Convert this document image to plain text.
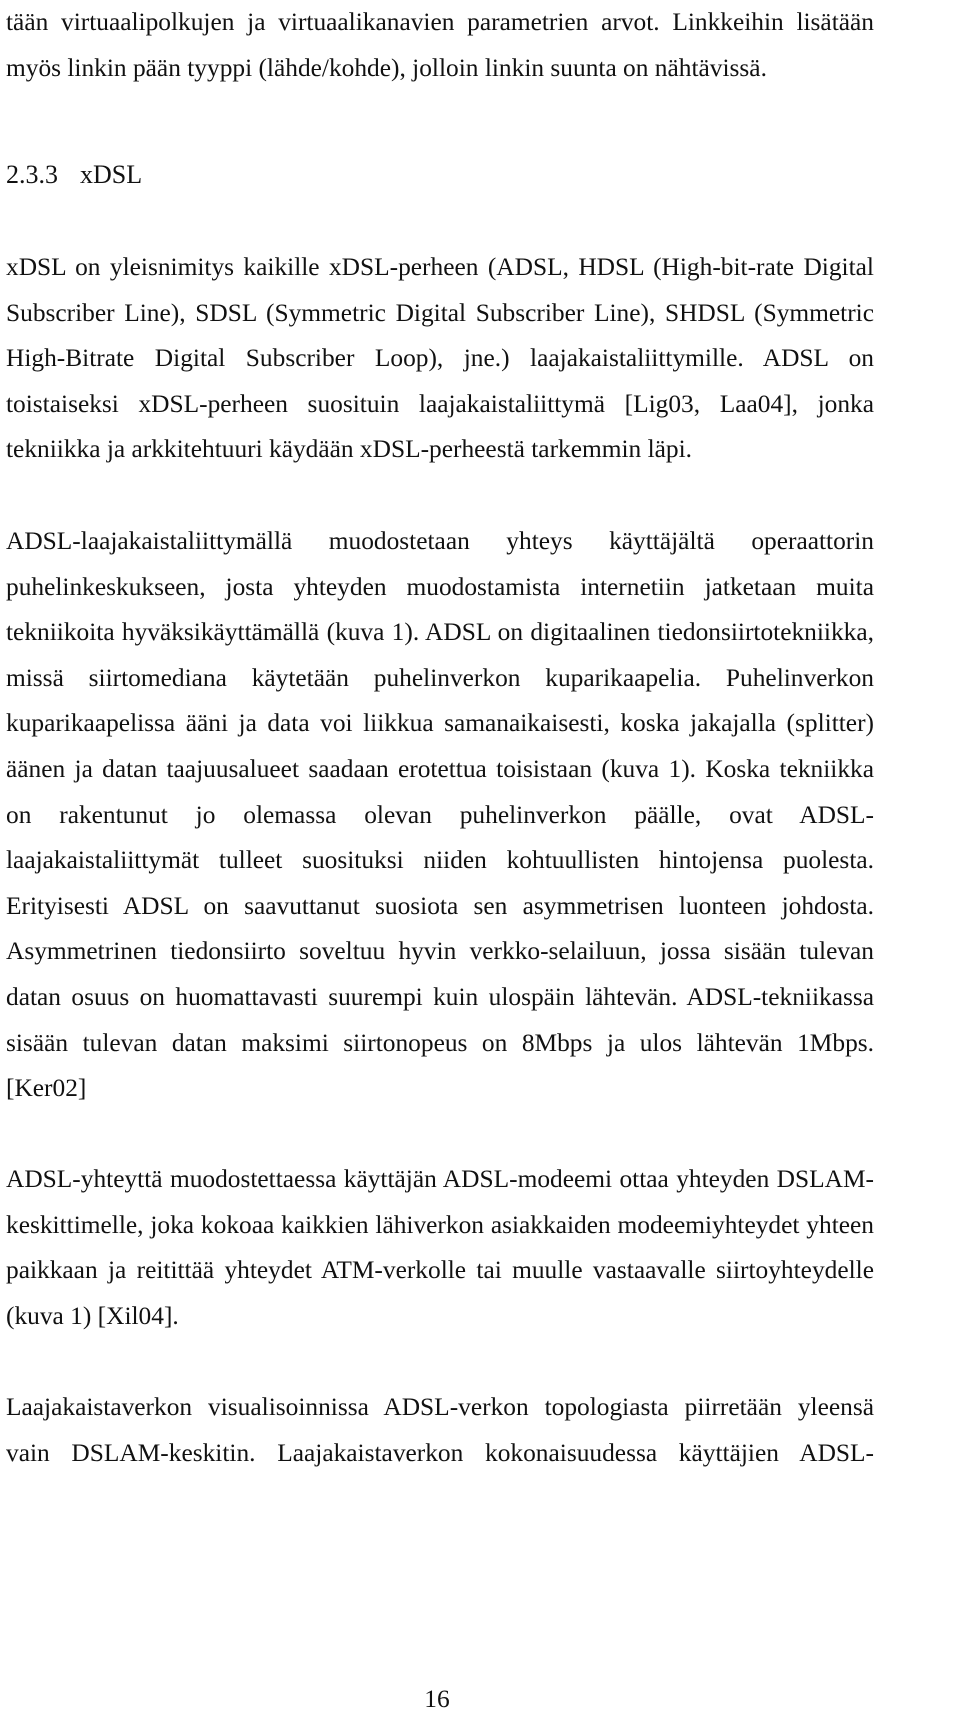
tään virtuaalipolkujen ja virtuaalikanavien parametrien arvot. Linkkeihin lisätään myös linkin pään tyyppi (lähde/kohde), jolloin linkin suunta on nähtävissä.

2.3.3 xDSL

xDSL on yleisnimitys kaikille xDSL-perheen (ADSL, HDSL (High-bit-rate Digital Subscriber Line), SDSL (Symmetric Digital Subscriber Line), SHDSL (Symmetric High-Bitrate Digital Subscriber Loop), jne.) laajakaistaliittymille. ADSL on toistaiseksi xDSL-perheen suosituin laajakaistaliittymä [Lig03, Laa04], jonka tekniikka ja arkkitehtuuri käydään xDSL-perheestä tarkemmin läpi.

ADSL-laajakaistaliittymällä muodostetaan yhteys käyttäjältä operaattorin puhelinkeskukseen, josta yhteyden muodostamista internetiin jatketaan muita tekniikoita hyväksikäyttämällä (kuva 1). ADSL on digitaalinen tiedonsiirtotekniikka, missä siirtomediana käytetään puhelinverkon kuparikaapelia. Puhelinverkon kuparikaapelissa ääni ja data voi liikkua samanaikaisesti, koska jakajalla (splitter) äänen ja datan taajuusalueet saadaan erotettua toisistaan (kuva 1). Koska tekniikka on rakentunut jo olemassa olevan puhelinverkon päälle, ovat ADSL-laajakaistaliittymät tulleet suosituksi niiden kohtuullisten hintojensa puolesta. Erityisesti ADSL on saavuttanut suosiota sen asymmetrisen luonteen johdosta. Asymmetrinen tiedonsiirto soveltuu hyvin verkko-selailuun, jossa sisään tulevan datan osuus on huomattavasti suurempi kuin ulospäin lähtevän. ADSL-tekniikassa sisään tulevan datan maksimi siirtonopeus on 8Mbps ja ulos lähtevän 1Mbps. [Ker02]

ADSL-yhteyttä muodostettaessa käyttäjän ADSL-modeemi ottaa yhteyden DSLAM-keskittimelle, joka kokoaa kaikkien lähiverkon asiakkaiden modeemiyhteydet yhteen paikkaan ja reitittää yhteydet ATM-verkolle tai muulle vastaavalle siirtoyhteydelle (kuva 1) [Xil04].

Laajakaistaverkon visualisoinnissa ADSL-verkon topologiasta piirretään yleensä vain DSLAM-keskitin. Laajakaistaverkon kokonaisuudessa käyttäjien ADSL-

16
